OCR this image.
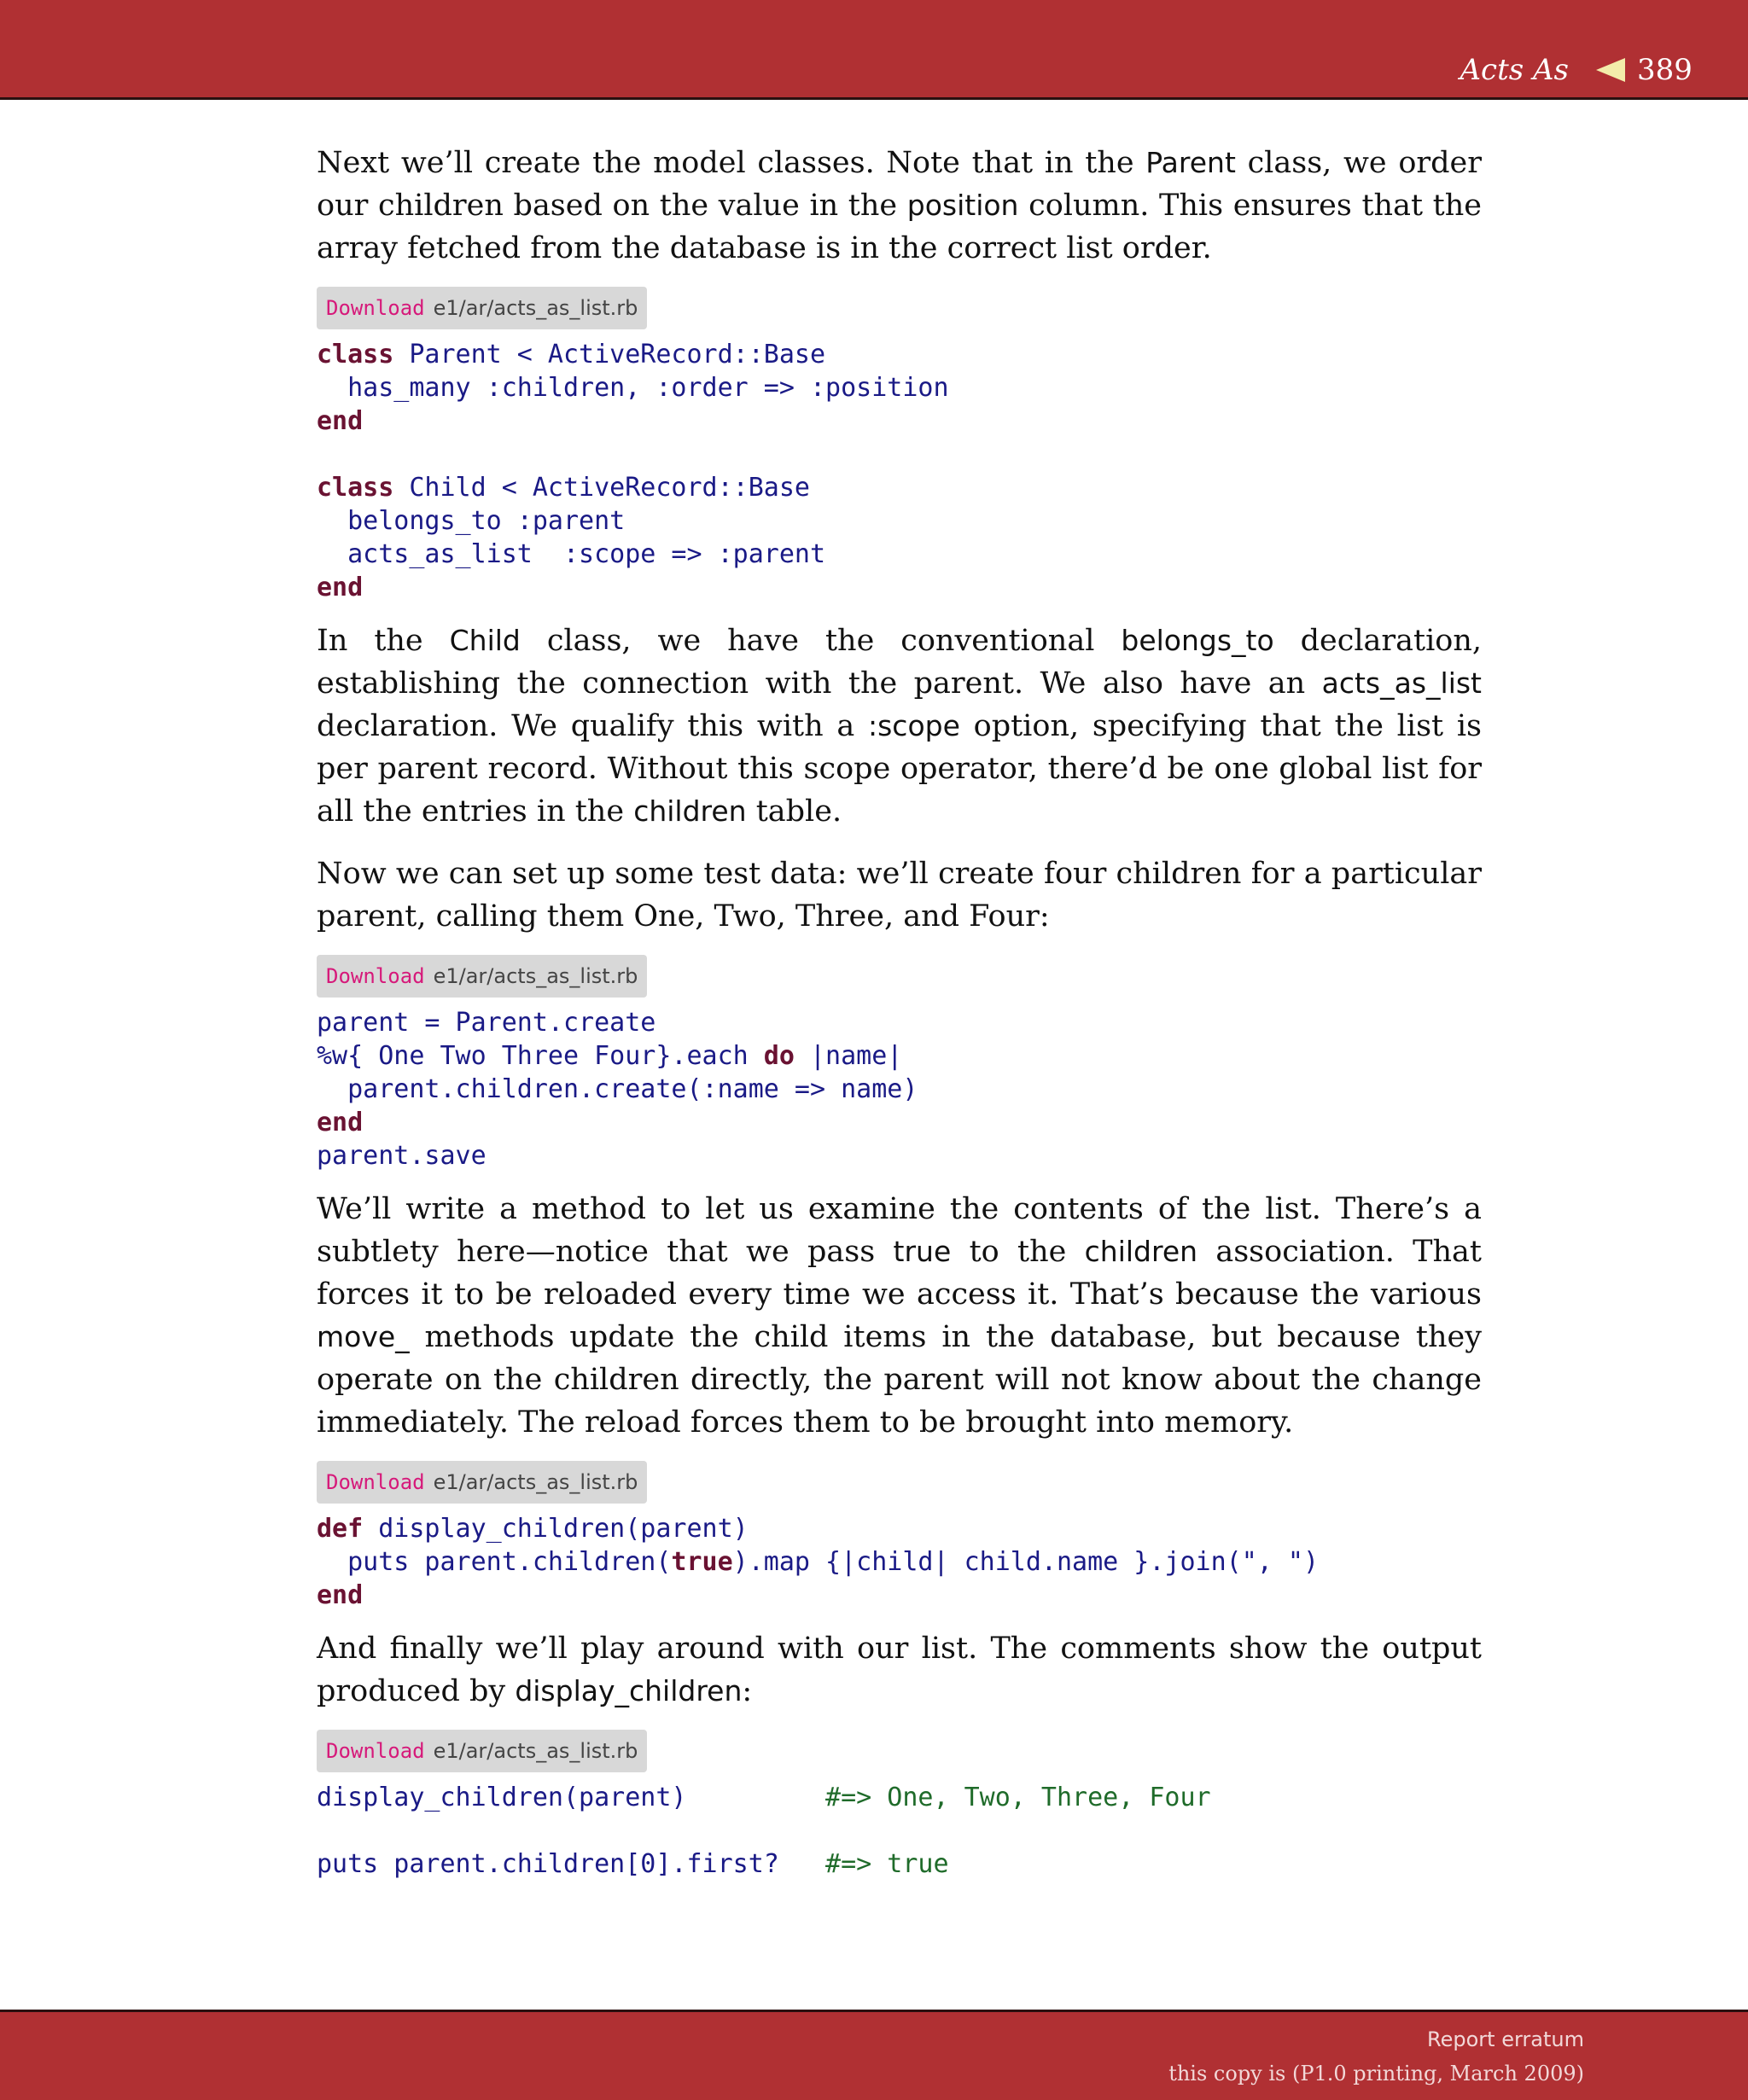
Acts As 389

Next we’ll create the model classes. Note that in the Parent class, we order our children based on the value in the position column. This ensures that the array fetched from the database is in the correct list order.

Download e1/ar/acts_as_list.rb
class Parent < ActiveRecord::Base
has_many :children, :order => :position
end

class Child < ActiveRecord::Base
belongs_to :parent
acts_as_list  :scope => :parent
end

In the Child class, we have the conventional belongs_to declaration, establishing the connection with the parent. We also have an acts_as_list declaration. We qualify this with a :scope option, specifying that the list is per parent record. Without this scope operator, there’d be one global list for all the entries in the children table.

Now we can set up some test data: we’ll create four children for a particular parent, calling them One, Two, Three, and Four:

Download e1/ar/acts_as_list.rb
parent = Parent.create
%w{ One Two Three Four}.each do |name|
parent.children.create(:name => name)
end
parent.save

We’ll write a method to let us examine the contents of the list. There’s a subtlety here—notice that we pass true to the children association. That forces it to be reloaded every time we access it. That’s because the various move_ methods update the child items in the database, but because they operate on the children directly, the parent will not know about the change immediately. The reload forces them to be brought into memory.

Download e1/ar/acts_as_list.rb
def display_children(parent)
puts parent.children(true).map {|child| child.name }.join(", ")
end

And finally we’ll play around with our list. The comments show the output produced by display_children:

Download e1/ar/acts_as_list.rb
display_children(parent)         #=> One, Two, Three, Four

puts parent.children[0].first?   #=> true
Report erratum
this copy is (P1.0 printing, March 2009)
